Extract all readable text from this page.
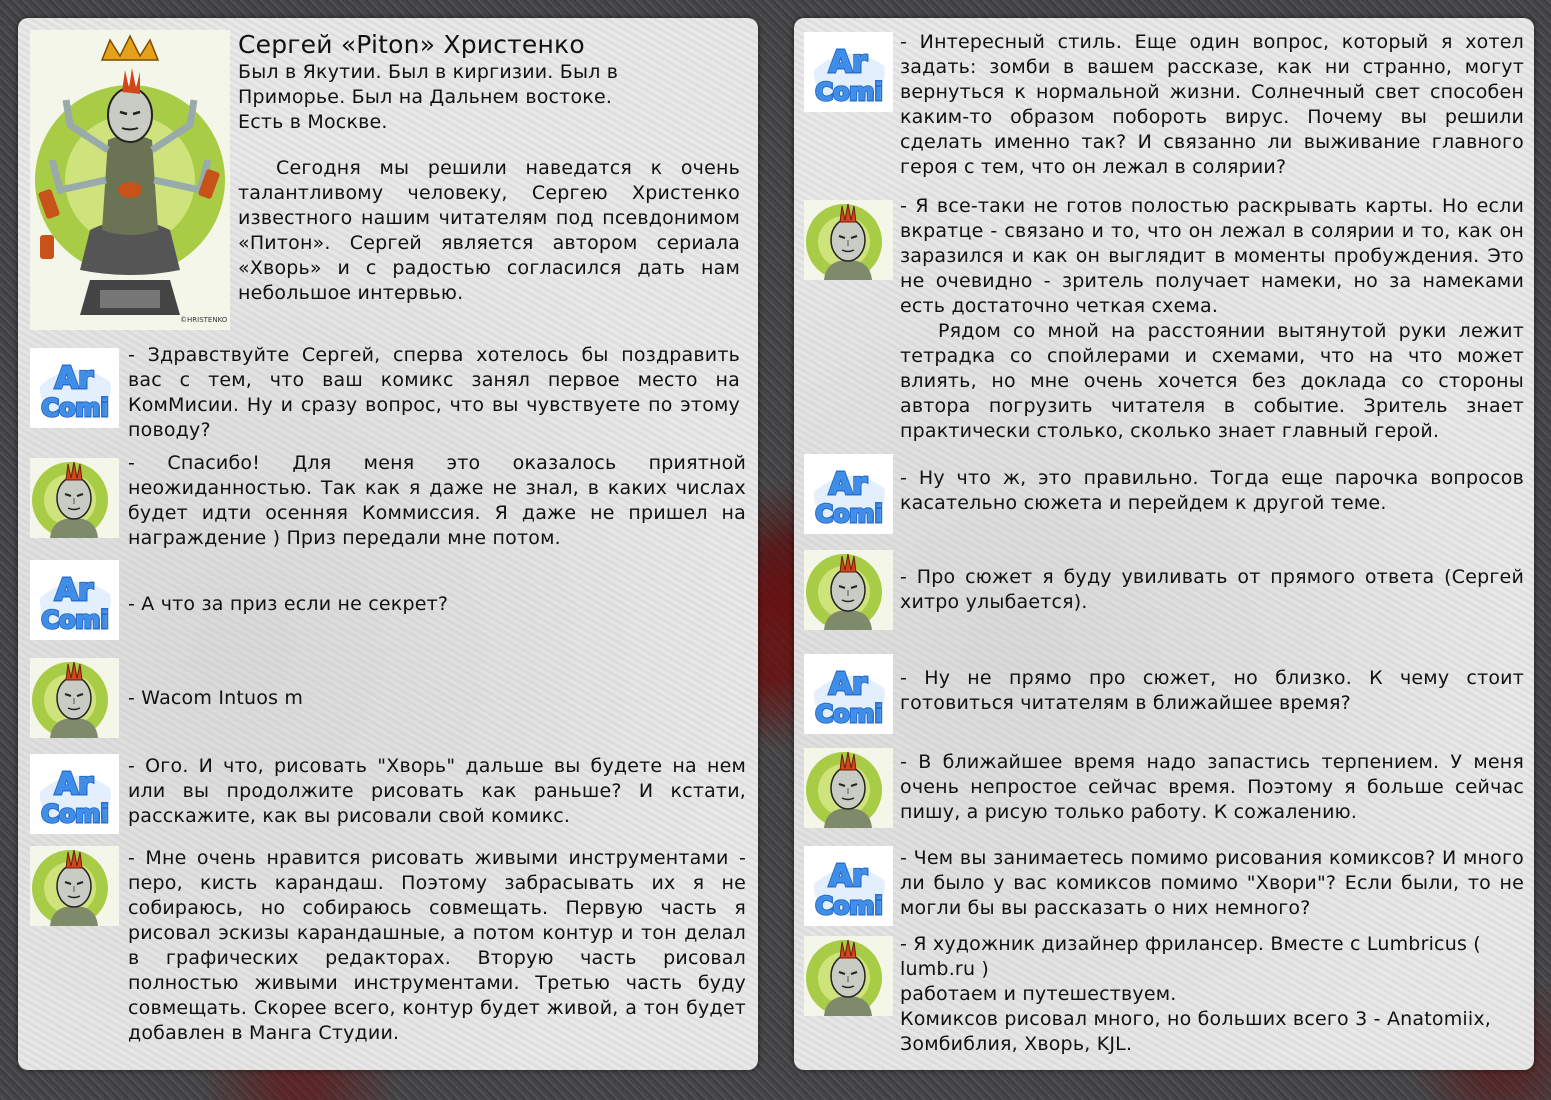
©HRISTENKO

Сергей «Piton» Христенко

Был в Якутии. Был в киргизии. Был в Приморье. Был на Дальнем востоке. Есть в Москве.

Сегодня мы решили наведатся к очень талантливому человеку, Сергею Христенко известного нашим читателям под псевдонимом «Питон». Сергей является автором сериала «Хворь» и с радостью согласился дать нам небольшое интервью.

- Здравствуйте Сергей, сперва хотелось бы поздравить вас с тем, что ваш комикс занял первое место на КомМисии. Ну и сразу вопрос, что вы чувствуете по этому поводу?

- Спасибо! Для меня это оказалось приятной неожиданностью. Так как я даже не знал, в каких числах будет идти осенняя Коммиссия. Я даже не пришел на награждение ) Приз передали мне потом.

- А что за приз если не секрет?

- Wacom Intuos m

- Ого. И что, рисовать "Хворь" дальше вы будете на нем или вы продолжите рисовать как раньше? И кстати, расскажите, как вы рисовали свой комикс.

- Мне очень нравится рисовать живыми инструментами - перо, кисть карандаш. Поэтому забрасывать их я не собираюсь, но собираюсь совмещать. Первую часть я рисовал эскизы карандашные, а потом контур и тон делал в графических редакторах. Вторую часть рисовал полностью живыми инструментами. Третью часть буду совмещать. Скорее всего, контур будет живой, а тон будет добавлен в Манга Студии.

- Интересный стиль. Еще один вопрос, который я хотел задать: зомби в вашем рассказе, как ни странно, могут вернуться к нормальной жизни. Солнечный свет способен каким-то образом побороть вирус. Почему вы решили сделать именно так? И связанно ли выживание главного героя с тем, что он лежал в солярии?

- Я все-таки не готов полостью раскрывать карты. Но если вкратце - связано и то, что он лежал в солярии и то, как он заразился и как он выглядит в моменты пробуждения. Это не очевидно - зритель получает намеки, но за намеками есть достаточно четкая схема.

Рядом со мной на расстоянии вытянутой руки лежит тетрадка со спойлерами и схемами, что на что может влиять, но мне очень хочется без доклада со стороны автора погрузить читателя в событие. Зритель знает практически столько, сколько знает главный герой.

- Ну что ж, это правильно. Тогда еще парочка вопросов касательно сюжета и перейдем к другой теме.

- Про сюжет я буду увиливать от прямого ответа (Сергей хитро улыбается).

- Ну не прямо про сюжет, но близко. К чему стоит готовиться читателям в ближайшее время?

- В ближайшее время надо запастись терпением. У меня очень непростое сейчас время. Поэтому я больше сейчас пишу, а рисую только работу. К сожалению.

- Чем вы занимаетесь помимо рисования комиксов? И много ли было у вас комиксов помимо "Хвори"? Если были, то не могли бы вы рассказать о них немного?

- Я художник дизайнер фрилансер. Вместе с Lumbricus ( lumb.ru )

работаем и путешествуем.

Комиксов рисовал много, но больших всего 3 - Anatomiix, Зомбиблия, Хворь, KJL.
